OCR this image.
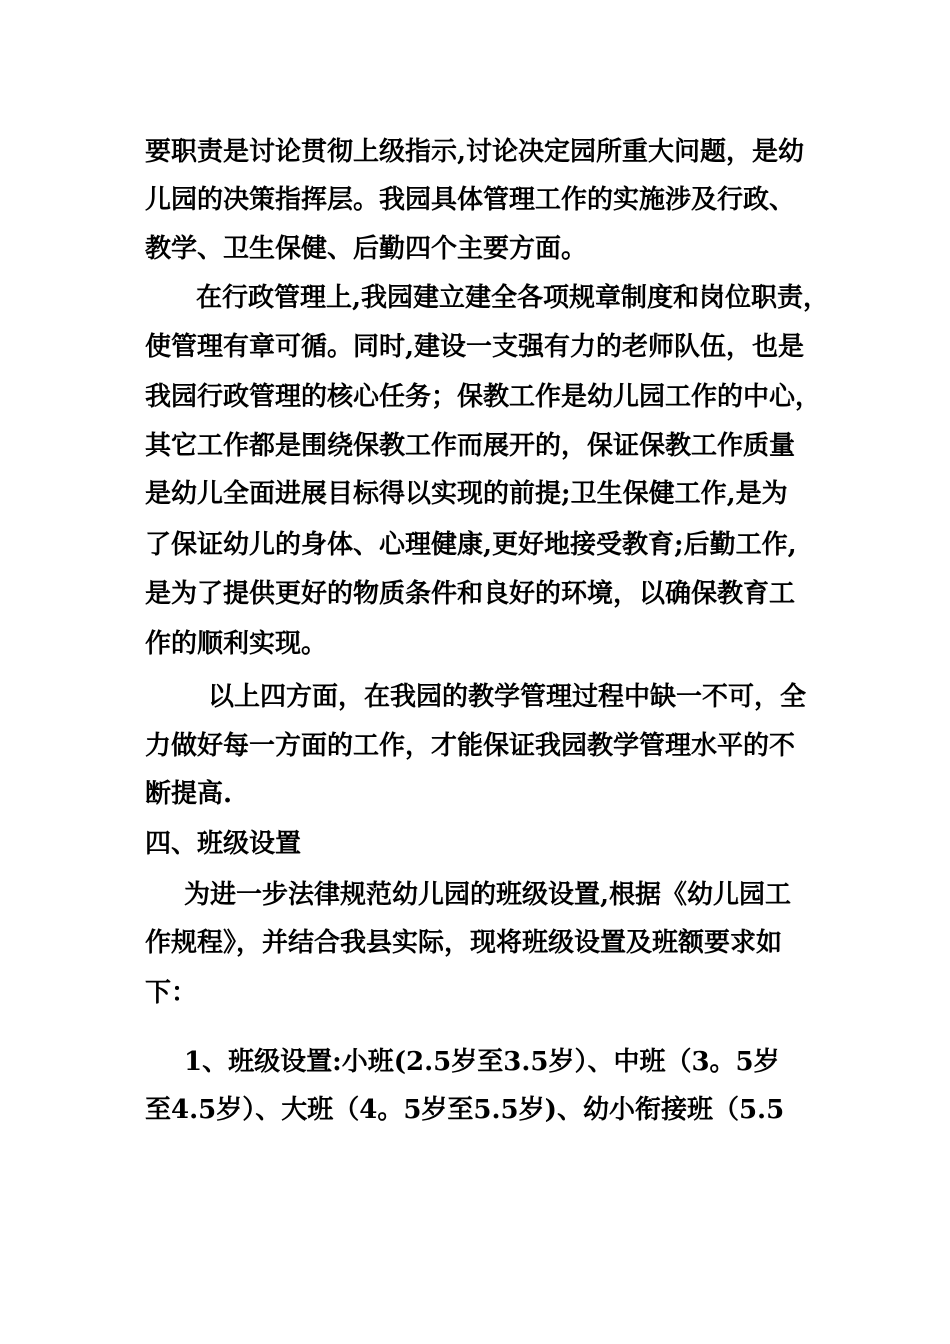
要职责是讨论贯彻上级指示,讨论决定园所重大问题，是幼
儿园的决策指挥层。我园具体管理工作的实施涉及行政、
教学、卫生保健、后勤四个主要方面。
在行政管理上,我园建立建全各项规章制度和岗位职责，
使管理有章可循。同时,建设一支强有力的老师队伍，也是
我园行政管理的核心任务；保教工作是幼儿园工作的中心，
其它工作都是围绕保教工作而展开的，保证保教工作质量
是幼儿全面进展目标得以实现的前提;卫生保健工作,是为
了保证幼儿的身体、心理健康,更好地接受教育;后勤工作,
是为了提供更好的物质条件和良好的环境，以确保教育工
作的顺利实现。
以上四方面，在我园的教学管理过程中缺一不可，全
力做好每一方面的工作，才能保证我园教学管理水平的不
断提高.
四、班级设置
为进一步法律规范幼儿园的班级设置,根据《幼儿园工
作规程》，并结合我县实际，现将班级设置及班额要求如
下：
1、班级设置:小班(2.5岁至3.5岁）、中班（3。5岁
至4.5岁）、大班（4。5岁至5.5岁)、幼小衔接班（5.5
